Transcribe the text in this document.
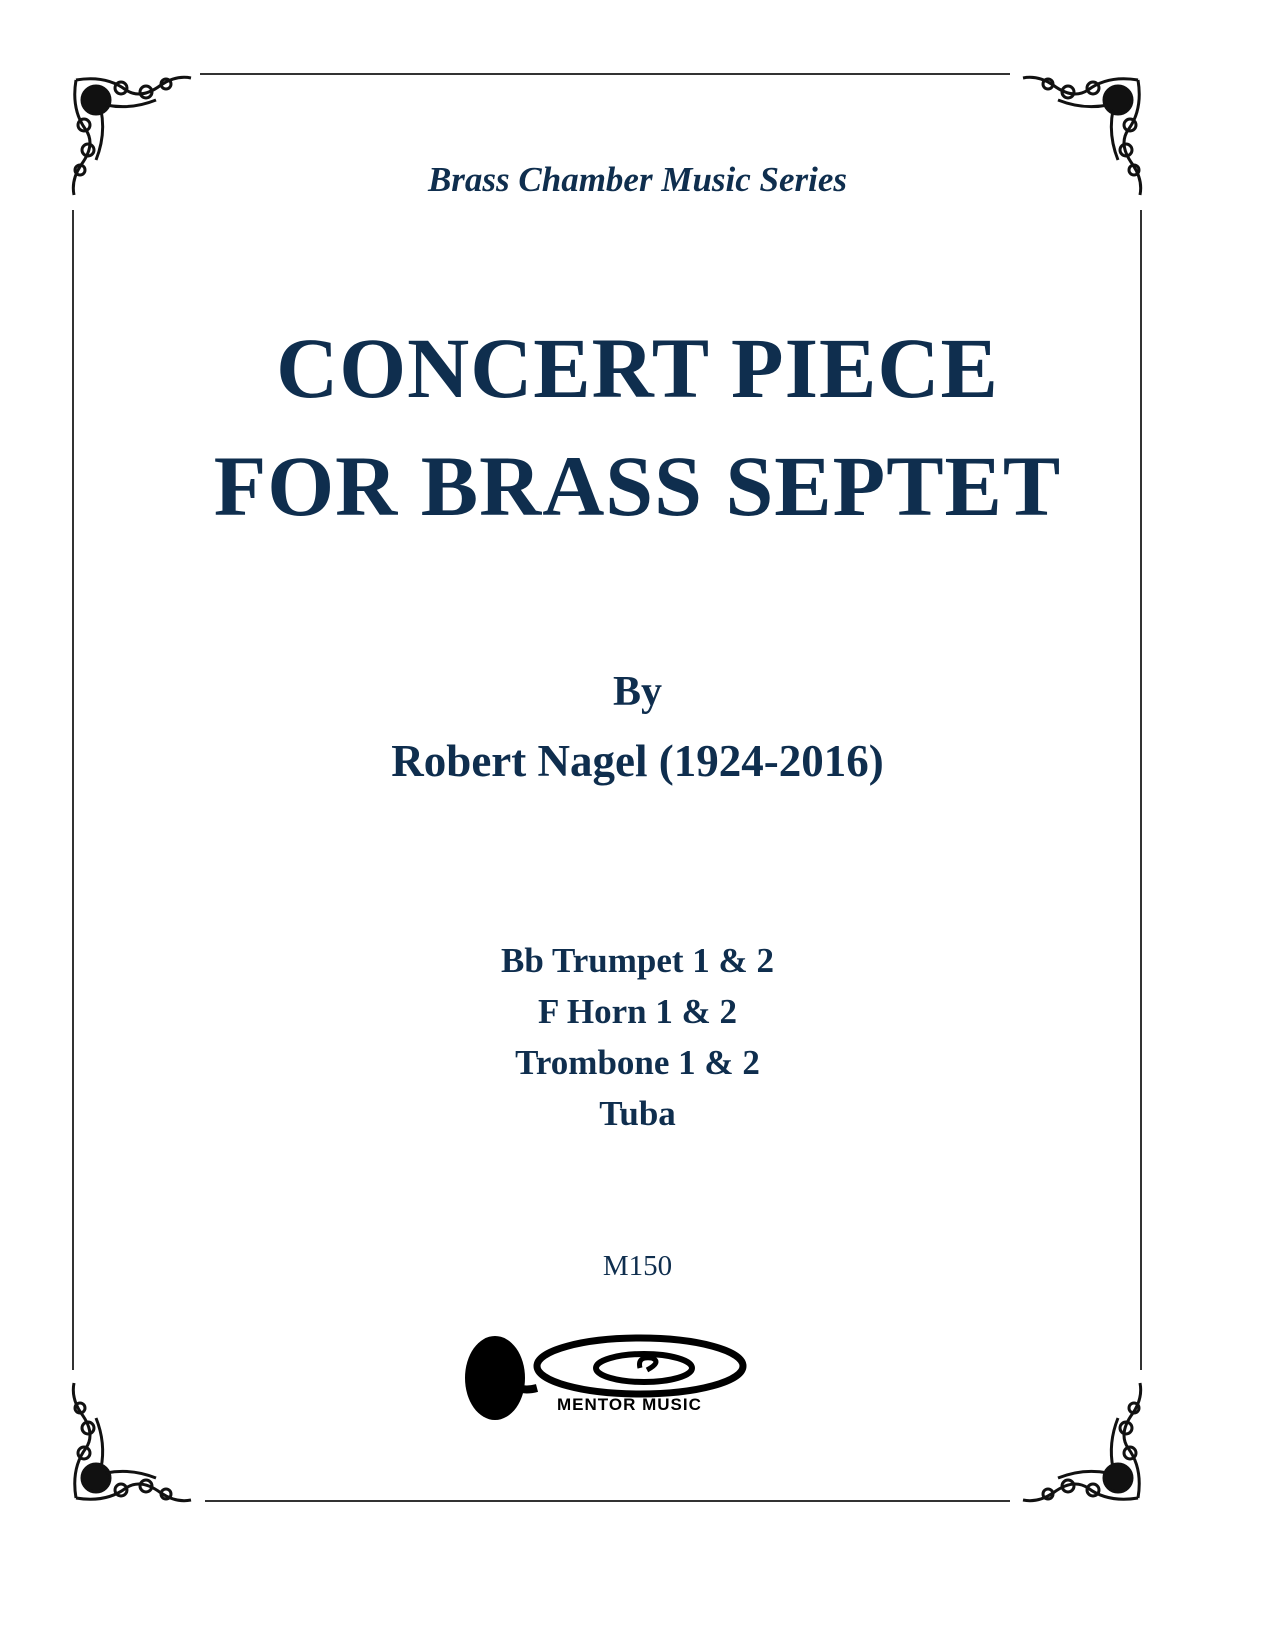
Brass Chamber Music Series
CONCERT PIECE
FOR BRASS SEPTET
By
Robert Nagel (1924-2016)
Bb Trumpet 1 & 2
F Horn 1 & 2
Trombone 1 & 2
Tuba
M150
MENTOR MUSIC
